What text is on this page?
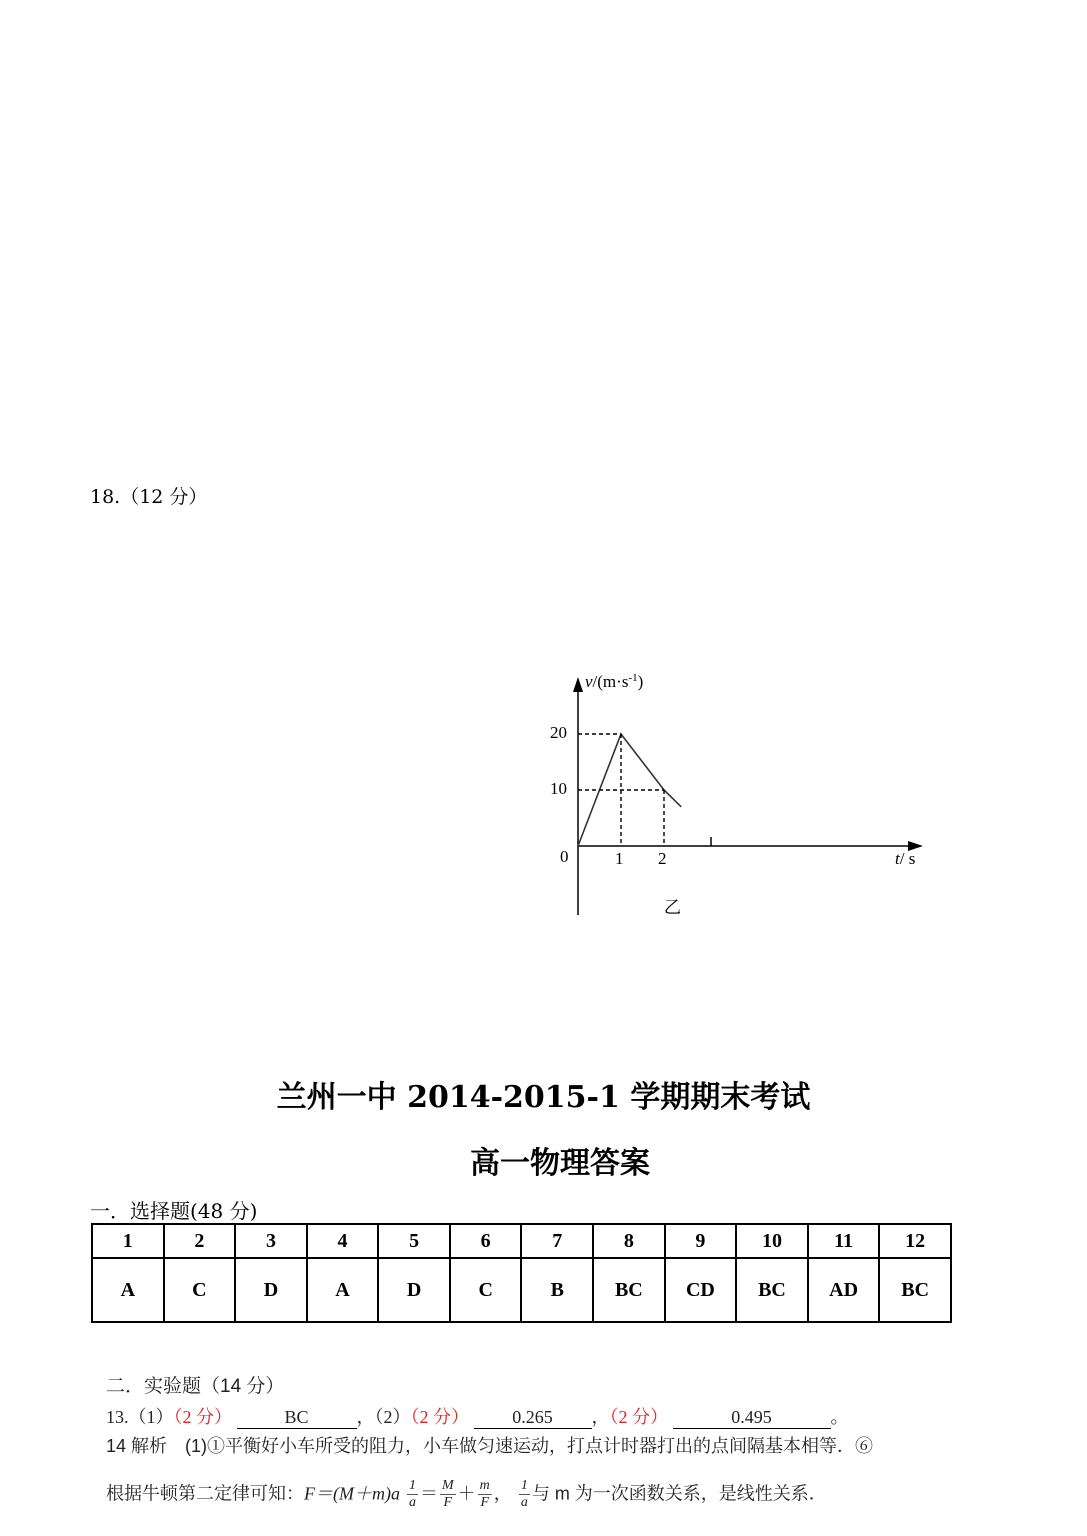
18.（12 分）
$v/(m\cdot s^{-1})$
20
10
0	1 2	t/ s
乙
兰州一中 2014-2015-1 学期期末考试
高一物理答案
一．选择题(48 分)
1	2	3	4	5	6	7	8	9	10	11	12
A	C	D	A	D	C	B	BC	CD	BC	AD	BC
二．实验题（14 分）
13.（1）（2 分）	BC	，（2）（2 分） 0.265 ，（2 分）	0.495	。
14 解析　(1)①平衡好小车所受的阻力，小车做匀速运动，打点计时器打出的点间隔基本相等．⑥
根据牛顿第二定律可知：$F=(M+m)a \frac{1}{a} = \frac{M}{F} + \frac{m}{F}$ ， $\frac{1}{a}$ 与 m 为一次函数关系，是线性关系．
